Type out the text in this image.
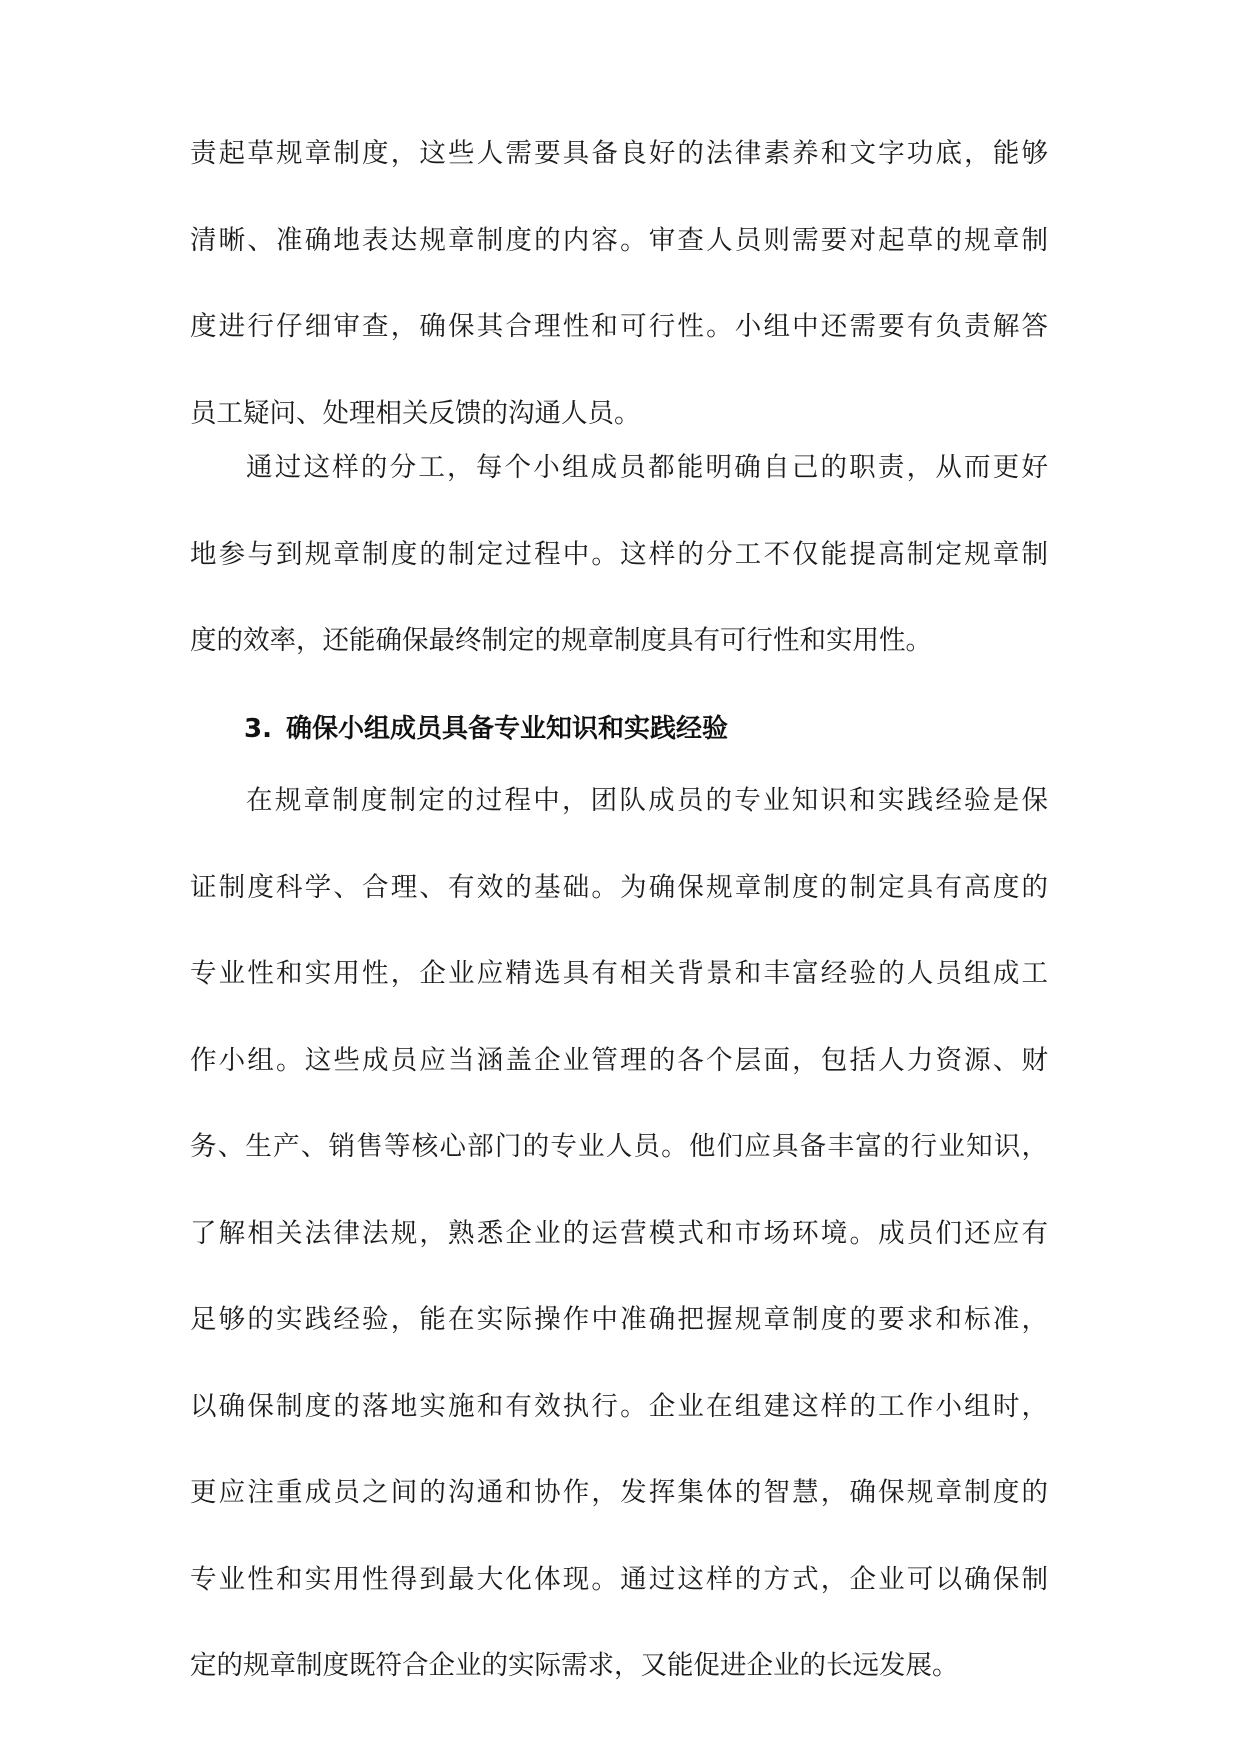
责起草规章制度，这些人需要具备良好的法律素养和文字功底，能够
清晰、准确地表达规章制度的内容。审查人员则需要对起草的规章制
度进行仔细审查，确保其合理性和可行性。小组中还需要有负责解答
员工疑问、处理相关反馈的沟通人员。
通过这样的分工，每个小组成员都能明确自己的职责，从而更好
地参与到规章制度的制定过程中。这样的分工不仅能提高制定规章制
度的效率，还能确保最终制定的规章制度具有可行性和实用性。
3. 确保小组成员具备专业知识和实践经验
在规章制度制定的过程中，团队成员的专业知识和实践经验是保
证制度科学、合理、有效的基础。为确保规章制度的制定具有高度的
专业性和实用性，企业应精选具有相关背景和丰富经验的人员组成工
作小组。这些成员应当涵盖企业管理的各个层面，包括人力资源、财
务、生产、销售等核心部门的专业人员。他们应具备丰富的行业知识，
了解相关法律法规，熟悉企业的运营模式和市场环境。成员们还应有
足够的实践经验，能在实际操作中准确把握规章制度的要求和标准，
以确保制度的落地实施和有效执行。企业在组建这样的工作小组时，
更应注重成员之间的沟通和协作，发挥集体的智慧，确保规章制度的
专业性和实用性得到最大化体现。通过这样的方式，企业可以确保制
定的规章制度既符合企业的实际需求，又能促进企业的长远发展。
